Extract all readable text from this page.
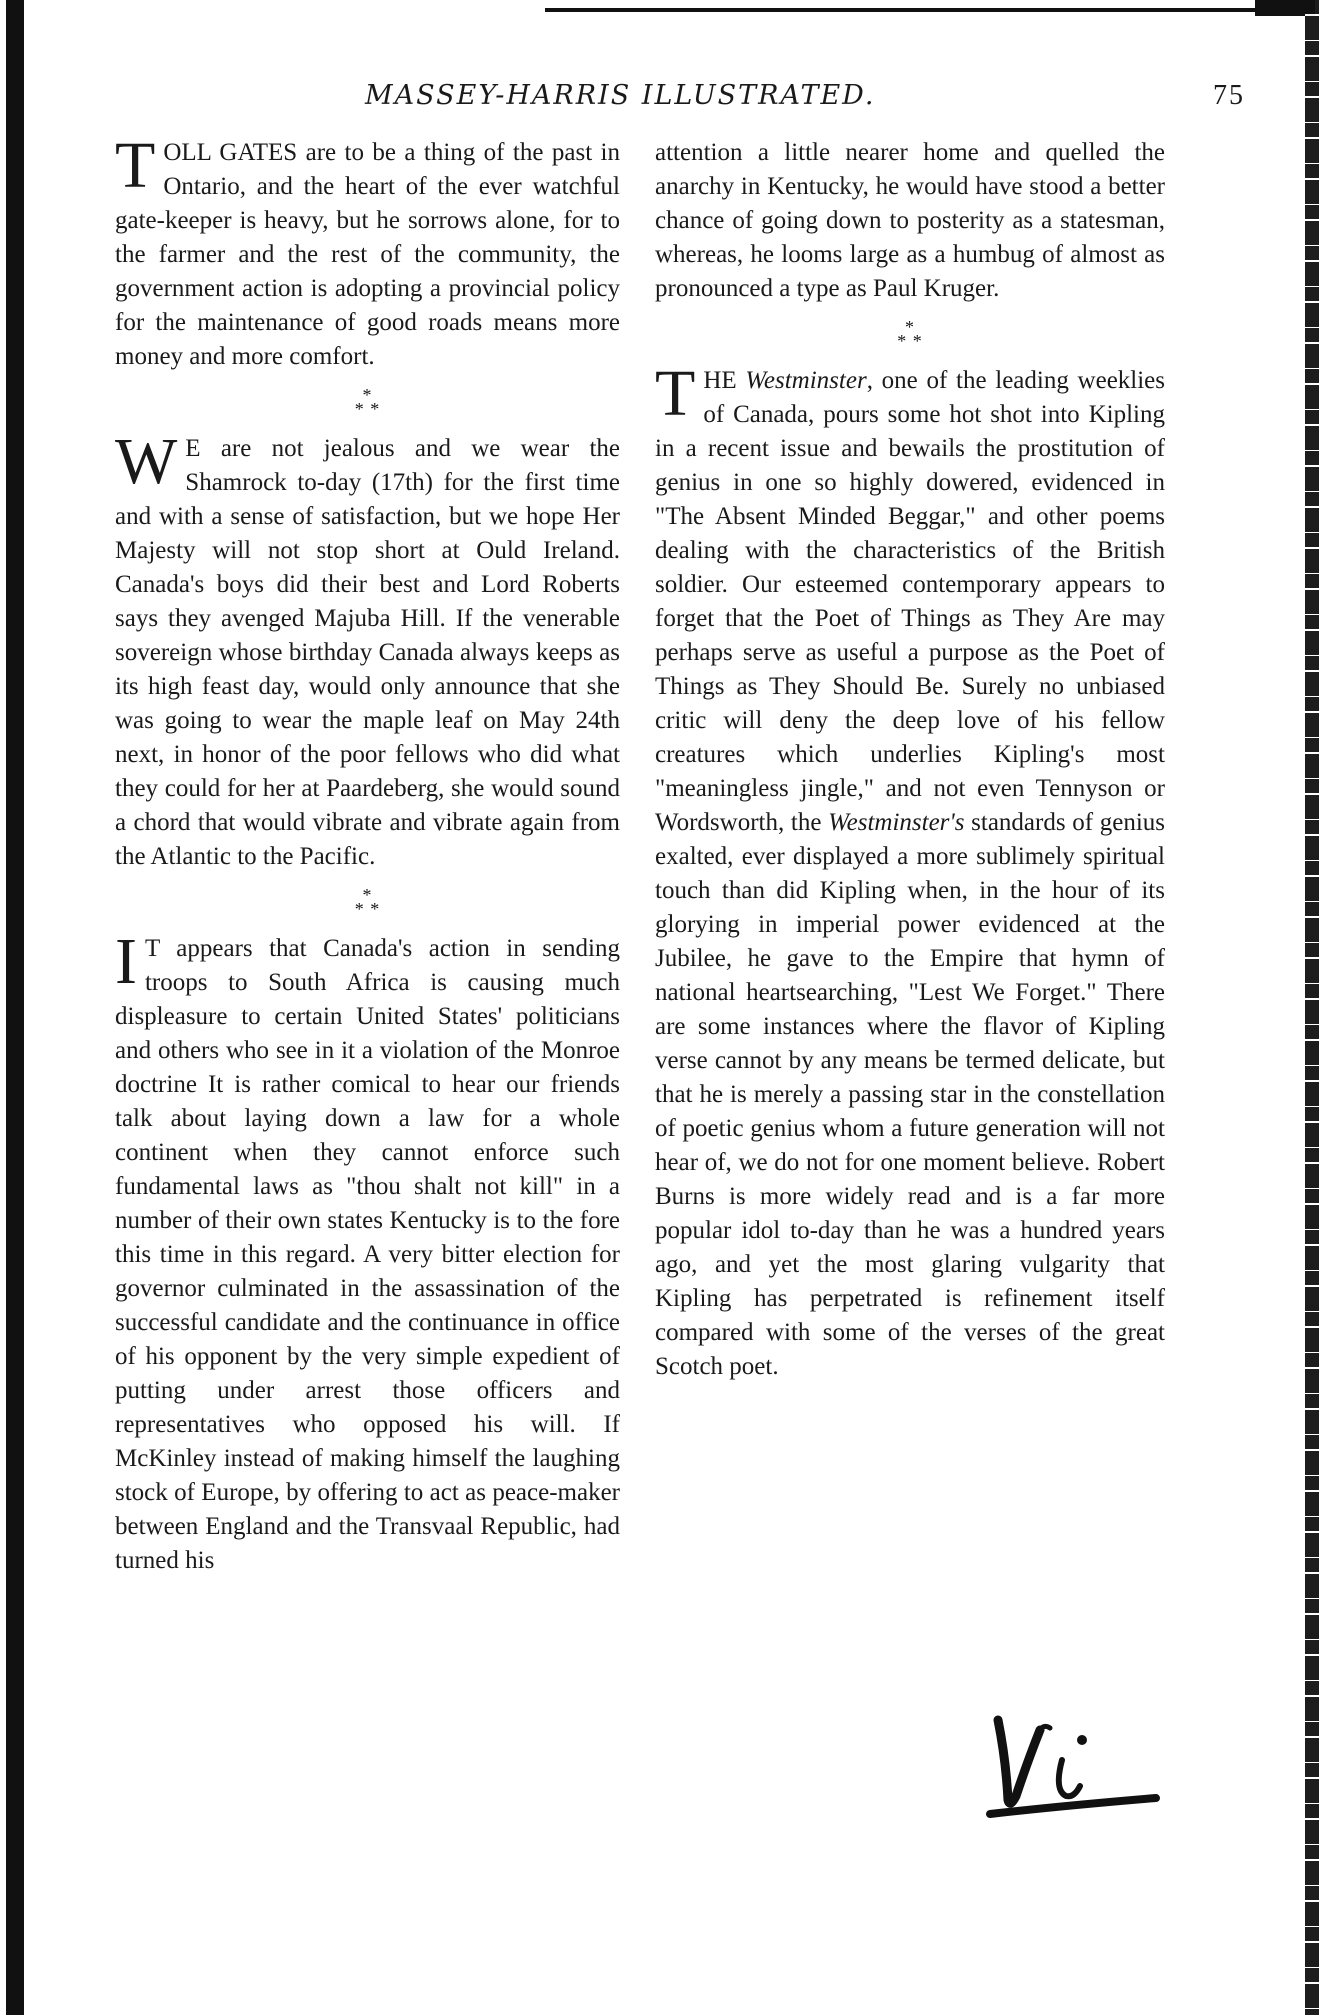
MASSEY-HARRIS ILLUSTRATED.	75

TOLL GATES are to be a thing of the past in Ontario, and the heart of the ever watchful gate-keeper is heavy, but he sorrows alone, for to the farmer and the rest of the community, the government action is adopting a provincial policy for the maintenance of good roads means more money and more comfort.

*
* *

W E are not jealous and we wear the Shamrock to-day (17th) for the first time and with a sense of satisfaction, but we hope Her Majesty will not stop short at Ould Ireland. Canada's boys did their best and Lord Roberts says they avenged Majuba Hill. If the venerable sovereign whose birthday Canada always keeps as its high feast day, would only announce that she was going to wear the maple leaf on May 24th next, in honor of the poor fellows who did what they could for her at Paardeberg, she would sound a chord that would vibrate and vibrate again from the Atlantic to the Pacific.

*
* *

I T appears that Canada's action in sending troops to South Africa is causing much displeasure to certain United States' politicians and others who see in it a violation of the Monroe doctrine It is rather comical to hear our friends talk about laying down a law for a whole continent when they cannot enforce such fundamental laws as "thou shalt not kill" in a number of their own states Kentucky is to the fore this time in this regard. A very bitter election for governor culminated in the assassination of the successful candidate and the continuance in office of his opponent by the very simple expedient of putting under arrest those officers and representatives who opposed his will. If McKinley instead of making himself the laughing stock of Europe, by offering to act as peace-maker between England and the Transvaal Republic, had turned his

attention a little nearer home and quelled the anarchy in Kentucky, he would have stood a better chance of going down to posterity as a statesman, whereas, he looms large as a humbug of almost as pronounced a type as Paul Kruger.

*
* *

THE Westminster, one of the leading weeklies of Canada, pours some hot shot into Kipling in a recent issue and bewails the prostitution of genius in one so highly dowered, evidenced in "The Absent Minded Beggar," and other poems dealing with the characteristics of the British soldier. Our esteemed contemporary appears to forget that the Poet of Things as They Are may perhaps serve as useful a purpose as the Poet of Things as They Should Be. Surely no unbiased critic will deny the deep love of his fellow creatures which underlies Kipling's most "meaningless jingle," and not even Tennyson or Wordsworth, the Westminster's standards of genius exalted, ever displayed a more sublimely spiritual touch than did Kipling when, in the hour of its glorying in imperial power evidenced at the Jubilee, he gave to the Empire that hymn of national heartsearching, "Lest We Forget." There are some instances where the flavor of Kipling verse cannot by any means be termed delicate, but that he is merely a passing star in the constellation of poetic genius whom a future generation will not hear of, we do not for one moment believe. Robert Burns is more widely read and is a far more popular idol to-day than he was a hundred years ago, and yet the most glaring vulgarity that Kipling has perpetrated is refinement itself compared with some of the verses of the great Scotch poet.
